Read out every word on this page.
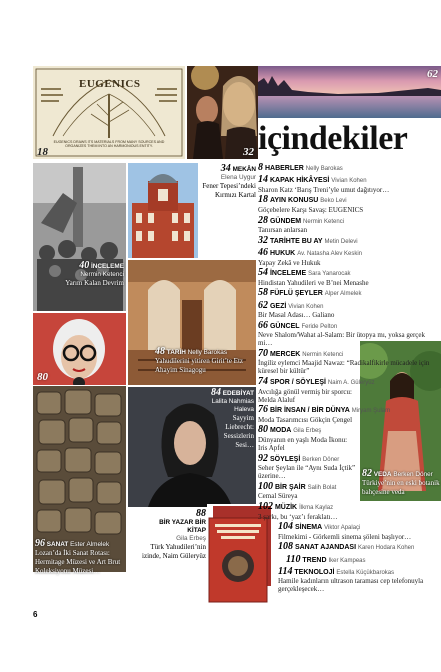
EUGENICS
EUGENICS DRAWS ITS MATERIALS FROM MANY SOURCES AND ORGANIZES THEM INTO AN HARMONIOUS ENTITY.
18	32
62
içindekiler
40 İNCELEME
Nermin Ketenci
Yarım Kalan Devrim
80
96 SANAT Ester Almelek
Lozan’da İki Sanat Rotası: Hermitage Müzesi ve Art Brut Koleksiyonu Müzesi…
34 MEKÂN
Elena Uygur
Fener Tepesi’ndeki Kırmızı Kartal
48 TARİH Nelly Barokas
Yahudilerini yitiren Girit’te Etz Ahayim Sinagogu
84 EDEBİYAT
Lalita Nahmias Haleva
Sayyim Liebrecht: Sessizlerin Sesi…
88
BİR YAZAR BİR KİTAP
Gila Erbeş
Türk Yahudileri’nin izinde, Naim Güleryüz
82 VEDA Berken Döner
Türkiye’nin en eski botanik bahçesine veda
8 HABERLER Nelly Barokas
14 KAPAK HİKÂYESİ Vivian Kohen
Sharon Katz ‘Barış Treni’yle umut dağıtıyor…
18 AYIN KONUSU Beko Levi
Göçebelere Karşı Savaş: EUGENICS
28 GÜNDEM Nermin Ketenci
Tanırsan anlarsan
32 TARİHTE BU AY Metin Delevi
46 HUKUK Av. Natasha Alev Keskin
Yapay Zekâ ve Hukuk
54 İNCELEME Sara Yanarocak
Hindistan Yahudileri ve B’nei Menashe
58 FÜFLÜ ŞEYLER Alper Almelek
62 GEZİ Vivian Kohen
Bir Masal Adası… Galiano
66 GÜNCEL Feride Pelton
Neve Shalom/Wahat al-Salam: Bir ütopya mı, yoksa gerçek mi…
70 MERCEK Nermin Ketenci
İngiliz eylemci Maajid Nawaz: “Radikalfikirle mücadele için küresel bir kültür”
74 SPOR / SÖYLEŞİ Naim A. Güleryüz
Avcılığa gönül vermiş bir sporcu: Melda Alaluf
76 BİR İNSAN / BİR DÜNYA Miryam Şulam
Moda Tasarımcısı Gökçin Çengel
80 MODA Gila Erbeş
Dünyanın en yaşlı Moda İkonu: Iris Apfel
92 SÖYLEŞİ Berken Döner
Seher Şeylan ile “Aynı Suda İçtik” üzerine…
100 BİR ŞAİR Salih Bolat
Cemal Süreya
102 MÜZİK İlkma Kaylaz
3 şarkı, bu ‘yaz’ı feraklatı…
104 SİNEMA Viktor Apalaçi
Filmekimi - Görkemli sinema şöleni başlıyor…
108 SANAT AJANDASI Karen Hodara Kohen
110 TREND Iker Kampeas
114 TEKNOLOJİ Estella Küçükbarokas
Hamile kadınların ultrason taraması cep telefonuyla gerçekleşecek…
6
